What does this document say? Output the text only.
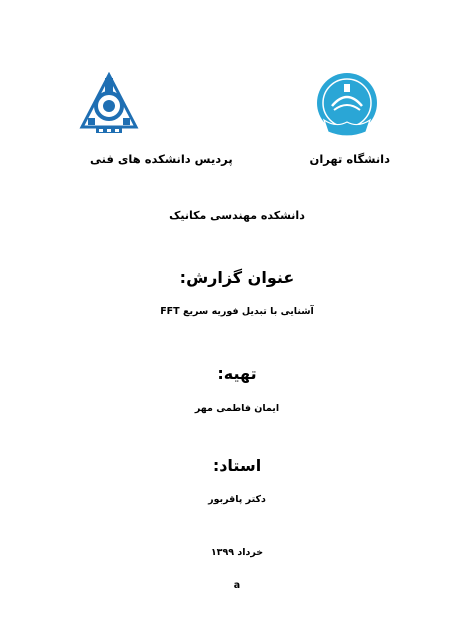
پردیس دانشکده های فنی	دانشگاه تهران
دانشکده مهندسی مکانیک
عنوان گزارش:
آشنایی با تبدیل فوریه سریع FFT
تهیه:
ایمان فاطمی مهر
استاد:
دکتر پاقربور
خرداد ۱۳۹۹
a
